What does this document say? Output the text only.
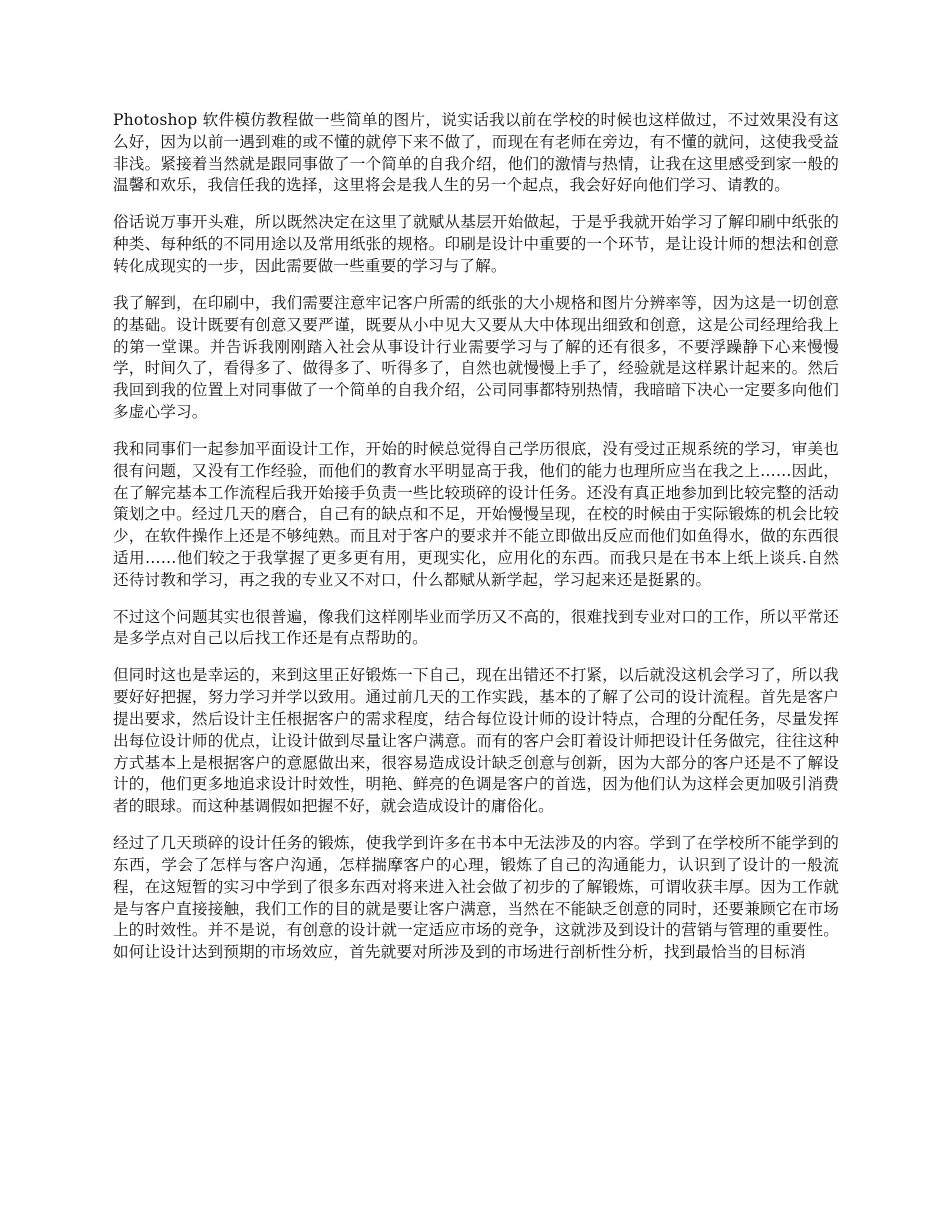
Photoshop 软件模仿教程做一些简单的图片，说实话我以前在学校的时候也这样做过，不过效果没有这么好，因为以前一遇到难的或不懂的就停下来不做了，而现在有老师在旁边，有不懂的就问，这使我受益非浅。紧接着当然就是跟同事做了一个简单的自我介绍，他们的激情与热情，让我在这里感受到家一般的温馨和欢乐，我信任我的选择，这里将会是我人生的另一个起点，我会好好向他们学习、请教的。

俗话说万事开头难，所以既然决定在这里了就赋从基层开始做起，于是乎我就开始学习了解印刷中纸张的种类、每种纸的不同用途以及常用纸张的规格。印刷是设计中重要的一个环节，是让设计师的想法和创意转化成现实的一步，因此需要做一些重要的学习与了解。

我了解到，在印刷中，我们需要注意牢记客户所需的纸张的大小规格和图片分辨率等，因为这是一切创意的基础。设计既要有创意又要严谨，既要从小中见大又要从大中体现出细致和创意，这是公司经理给我上的第一堂课。并告诉我刚刚踏入社会从事设计行业需要学习与了解的还有很多，不要浮躁静下心来慢慢学，时间久了，看得多了、做得多了、听得多了，自然也就慢慢上手了，经验就是这样累计起来的。然后我回到我的位置上对同事做了一个简单的自我介绍，公司同事都特别热情，我暗暗下决心一定要多向他们多虚心学习。

我和同事们一起参加平面设计工作，开始的时候总觉得自己学历很底，没有受过正规系统的学习，审美也很有问题，又没有工作经验，而他们的教育水平明显高于我，他们的能力也理所应当在我之上……因此，在了解完基本工作流程后我开始接手负责一些比较琐碎的设计任务。还没有真正地参加到比较完整的活动策划之中。经过几天的磨合，自己有的缺点和不足，开始慢慢呈现，在校的时候由于实际锻炼的机会比较少，在软件操作上还是不够纯熟。而且对于客户的要求并不能立即做出反应而他们如鱼得水，做的东西很适用……他们较之于我掌握了更多更有用，更现实化，应用化的东西。而我只是在书本上纸上谈兵.自然还待讨教和学习，再之我的专业又不对口，什么都赋从新学起，学习起来还是挺累的。

不过这个问题其实也很普遍，像我们这样刚毕业而学历又不高的，很难找到专业对口的工作，所以平常还是多学点对自己以后找工作还是有点帮助的。

但同时这也是幸运的，来到这里正好锻炼一下自己，现在出错还不打紧，以后就没这机会学习了，所以我要好好把握，努力学习并学以致用。通过前几天的工作实践，基本的了解了公司的设计流程。首先是客户提出要求，然后设计主任根据客户的需求程度，结合每位设计师的设计特点，合理的分配任务，尽量发挥出每位设计师的优点，让设计做到尽量让客户满意。而有的客户会盯着设计师把设计任务做完，往往这种方式基本上是根据客户的意愿做出来，很容易造成设计缺乏创意与创新，因为大部分的客户还是不了解设计的，他们更多地追求设计时效性，明艳、鲜亮的色调是客户的首选，因为他们认为这样会更加吸引消费者的眼球。而这种基调假如把握不好，就会造成设计的庸俗化。

经过了几天琐碎的设计任务的锻炼，使我学到许多在书本中无法涉及的内容。学到了在学校所不能学到的东西，学会了怎样与客户沟通，怎样揣摩客户的心理，锻炼了自己的沟通能力，认识到了设计的一般流程，在这短暂的实习中学到了很多东西对将来进入社会做了初步的了解锻炼，可谓收获丰厚。因为工作就是与客户直接接触，我们工作的目的就是要让客户满意，当然在不能缺乏创意的同时，还要兼顾它在市场上的时效性。并不是说，有创意的设计就一定适应市场的竞争，这就涉及到设计的营销与管理的重要性。如何让设计达到预期的市场效应，首先就要对所涉及到的市场进行剖析性分析，找到最恰当的目标消
